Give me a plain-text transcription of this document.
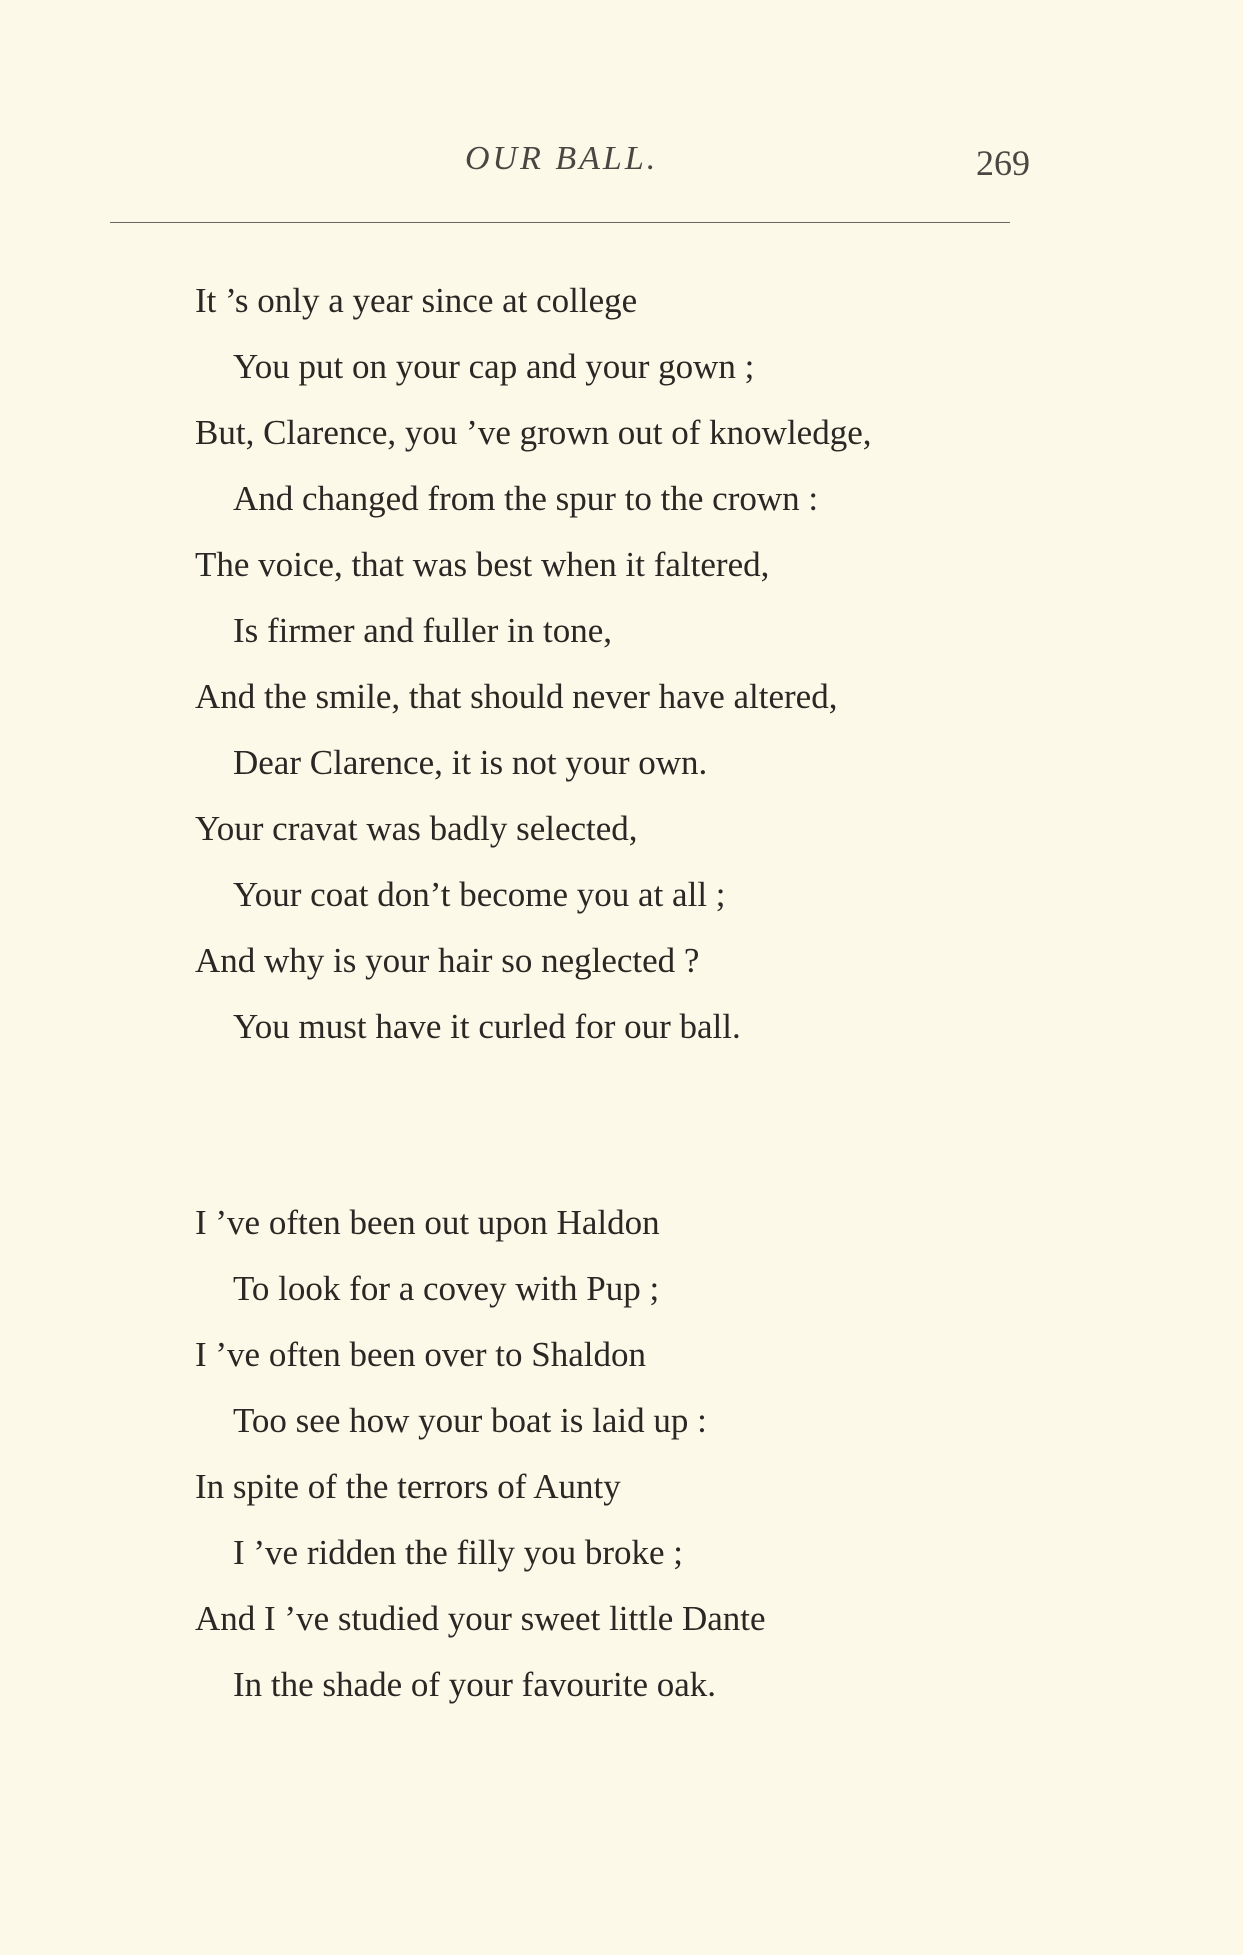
OUR BALL.	269
It ’s only a year since at college
You put on your cap and your gown ;
But, Clarence, you ’ve grown out of knowledge,
And changed from the spur to the crown :
The voice, that was best when it faltered,
Is firmer and fuller in tone,
And the smile, that should never have altered,
Dear Clarence, it is not your own.
Your cravat was badly selected,
Your coat don’t become you at all ;
And why is your hair so neglected ?
You must have it curled for our ball.
I ’ve often been out upon Haldon
To look for a covey with Pup ;
I ’ve often been over to Shaldon
Too see how your boat is laid up :
In spite of the terrors of Aunty
I ’ve ridden the filly you broke ;
And I ’ve studied your sweet little Dante
In the shade of your favourite oak.
